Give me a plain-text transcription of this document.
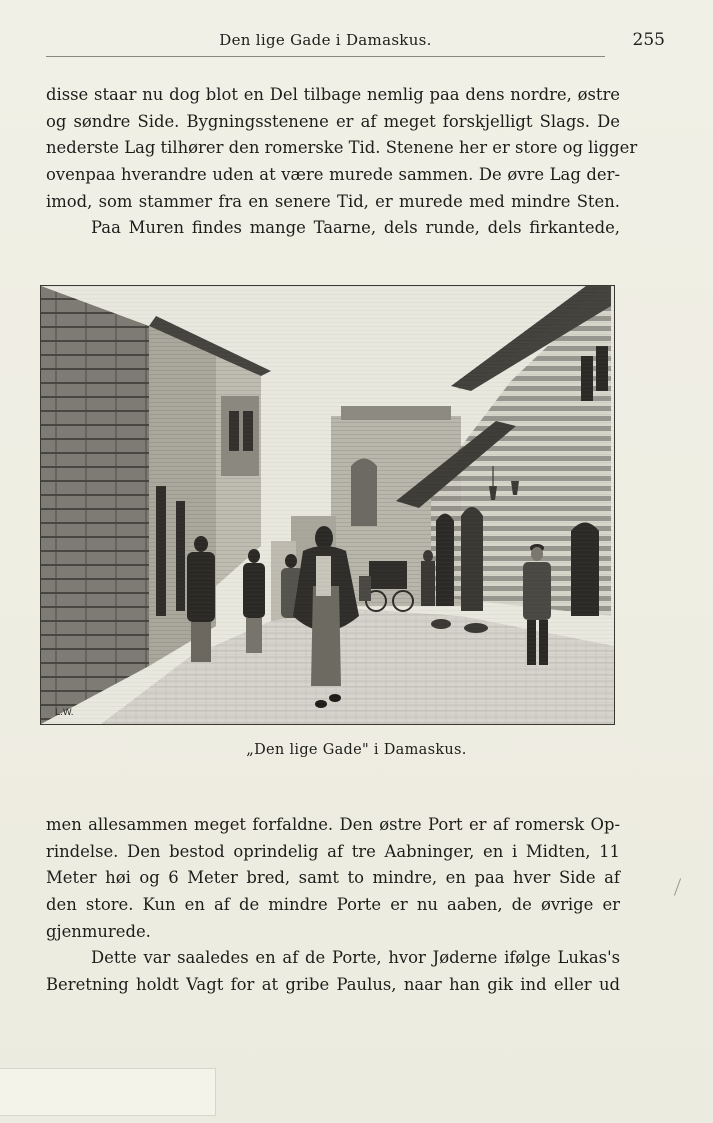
Den lige Gade i Damaskus.	255
disse staar nu dog blot en Del tilbage nemlig paa dens nordre, østre
og søndre Side. Bygningsstenene er af meget forskjelligt Slags. De
nederste Lag tilhører den romerske Tid. Stenene her er store og ligger
ovenpaa hverandre uden at være murede sammen. De øvre Lag der-
imod, som stammer fra en senere Tid, er murede med mindre Sten.
Paa Muren findes mange Taarne, dels runde, dels firkantede,
L.W.
„Den lige Gade" i Damaskus.
men allesammen meget forfaldne. Den østre Port er af romersk Op-
rindelse. Den bestod oprindelig af tre Aabninger, en i Midten, 11
Meter høi og 6 Meter bred, samt to mindre, en paa hver Side af
den store. Kun en af de mindre Porte er nu aaben, de øvrige er
gjenmurede.
Dette var saaledes en af de Porte, hvor Jøderne ifølge Lukas's
Beretning holdt Vagt for at gribe Paulus, naar han gik ind eller ud
